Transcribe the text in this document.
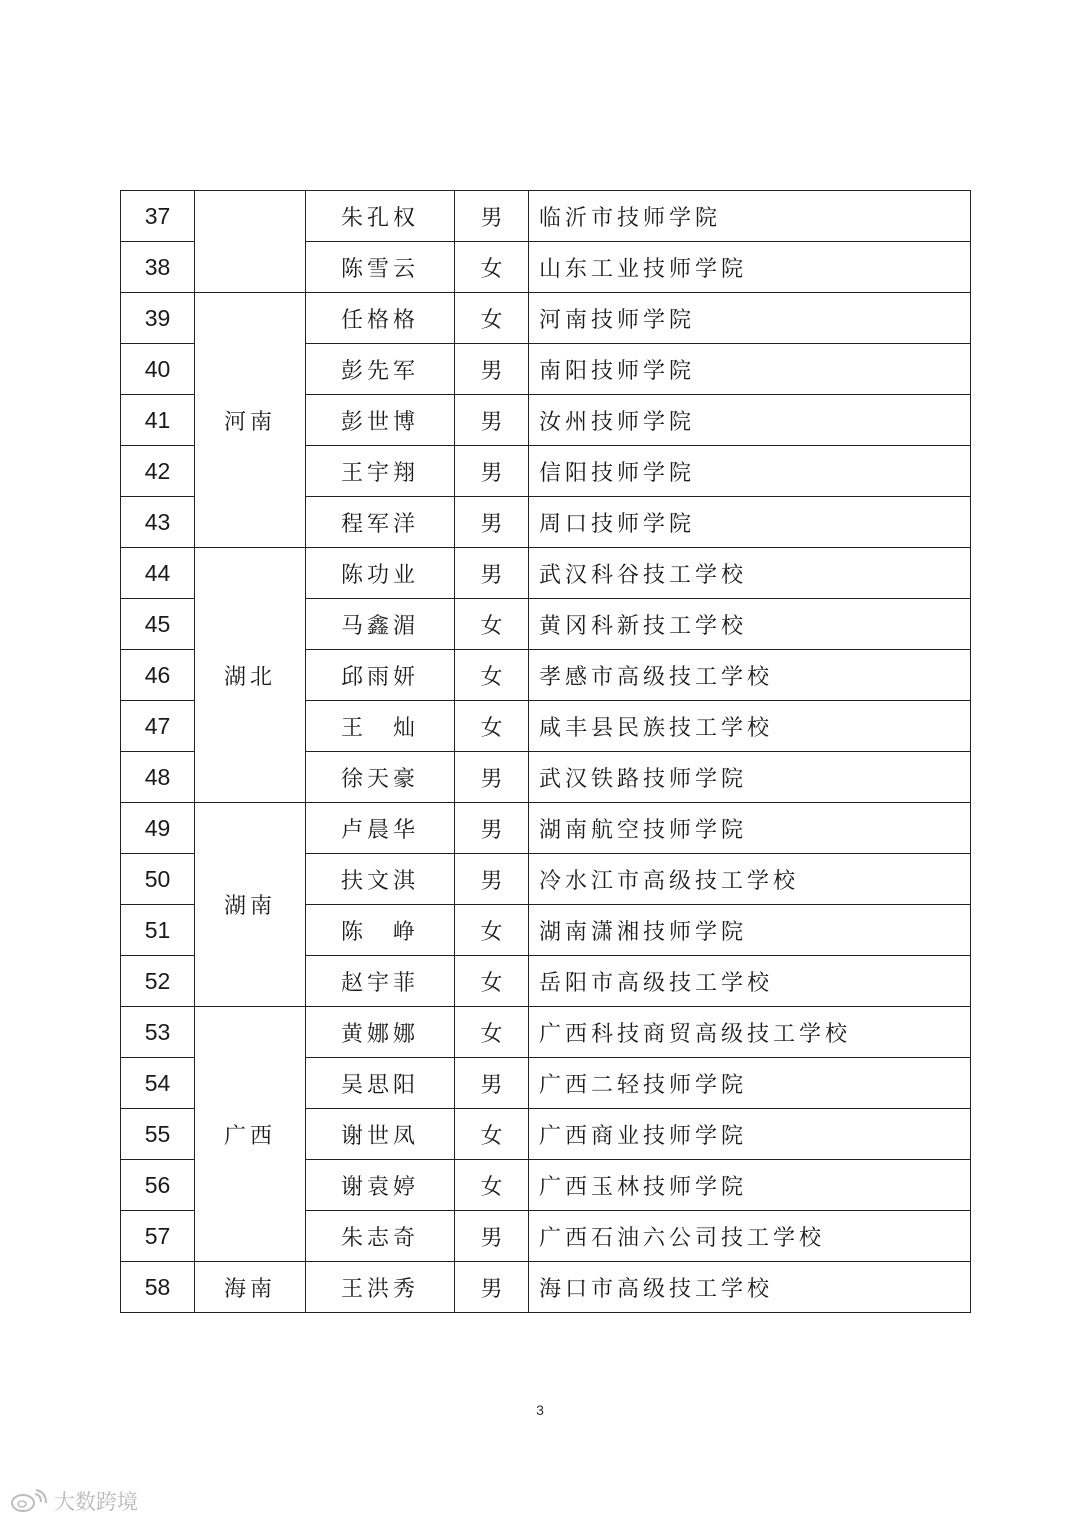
37		朱孔权	男	临沂市技师学院
38		陈雪云	女	山东工业技师学院
39	河南	任格格	女	河南技师学院
40		彭先军	男	南阳技师学院
41		彭世博	男	汝州技师学院
42		王宇翔	男	信阳技师学院
43		程军洋	男	周口技师学院
44	湖北	陈功业	男	武汉科谷技工学校
45		马鑫湄	女	黄冈科新技工学校
46		邱雨妍	女	孝感市高级技工学校
47		王　灿	女	咸丰县民族技工学校
48		徐天豪	男	武汉铁路技师学院
49	湖南	卢晨华	男	湖南航空技师学院
50		扶文淇	男	冷水江市高级技工学校
51		陈　峥	女	湖南潇湘技师学院
52		赵宇菲	女	岳阳市高级技工学校
53	广西	黄娜娜	女	广西科技商贸高级技工学校
54		吴思阳	男	广西二轻技师学院
55		谢世凤	女	广西商业技师学院
56		谢袁婷	女	广西玉林技师学院
57		朱志奇	男	广西石油六公司技工学校
58	海南	王洪秀	男	海口市高级技工学校
3
大数跨境
